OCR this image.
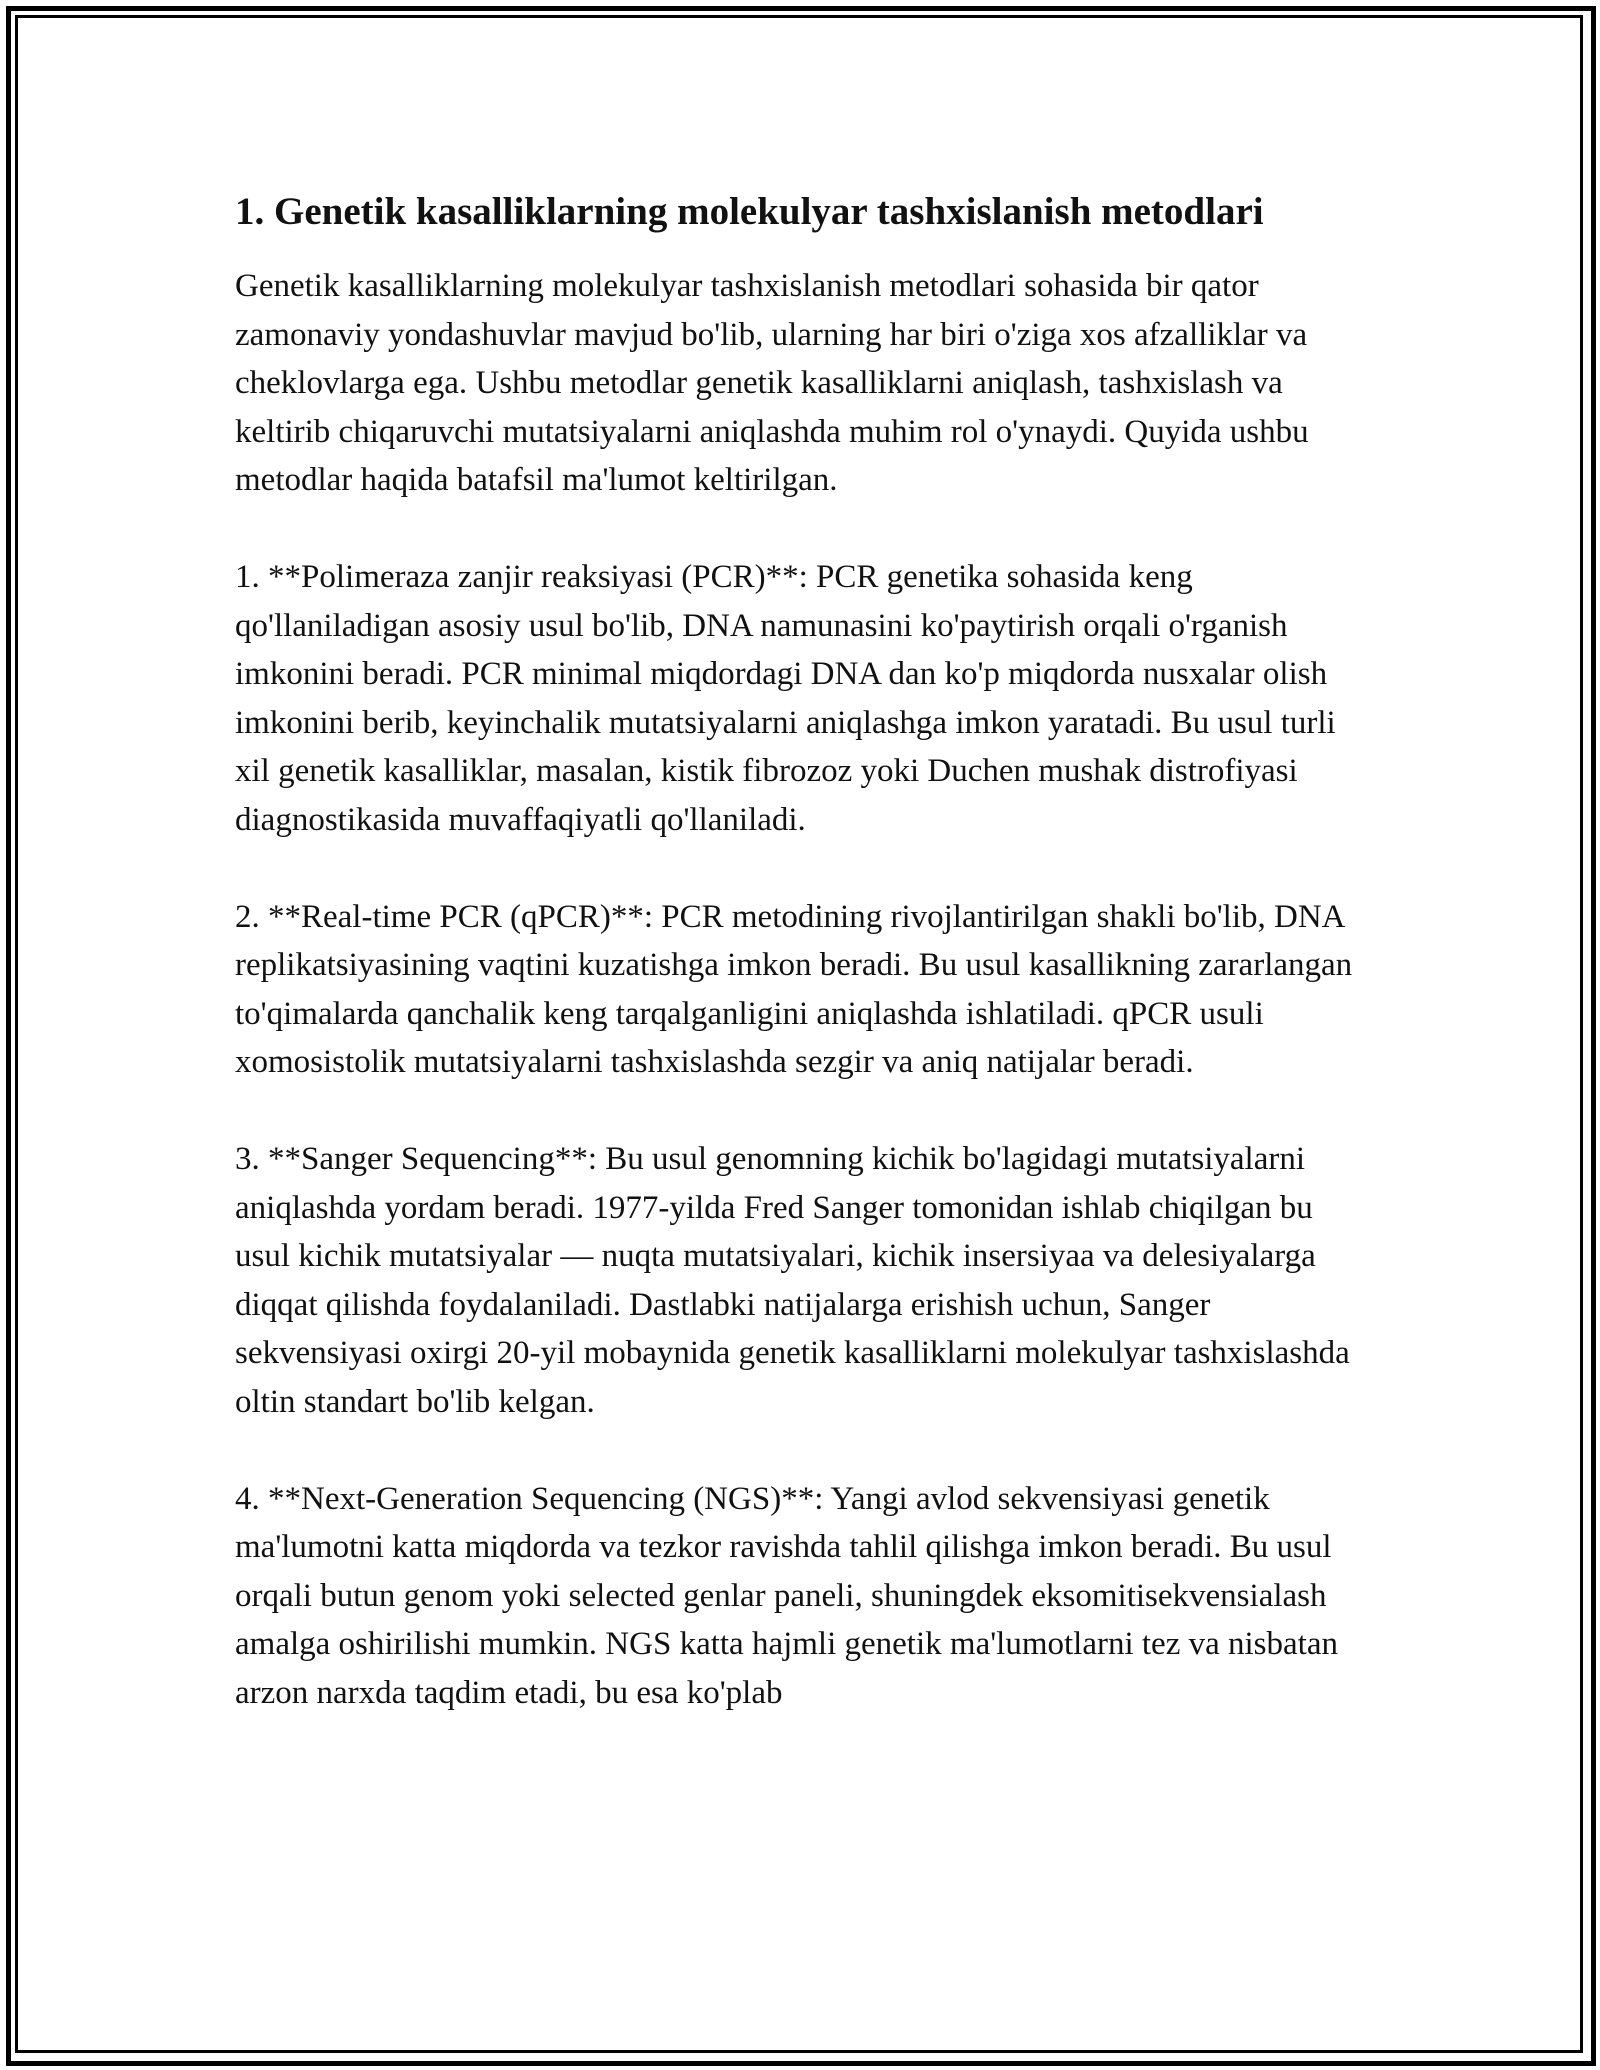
1. Genetik kasalliklarning molekulyar tashxislanish metodlari

Genetik kasalliklarning molekulyar tashxislanish metodlari sohasida bir qator zamonaviy yondashuvlar mavjud bo'lib, ularning har biri o'ziga xos afzalliklar va cheklovlarga ega. Ushbu metodlar genetik kasalliklarni aniqlash, tashxislash va keltirib chiqaruvchi mutatsiyalarni aniqlashda muhim rol o'ynaydi. Quyida ushbu metodlar haqida batafsil ma'lumot keltirilgan.

1. **Polimeraza zanjir reaksiyasi (PCR)**: PCR genetika sohasida keng qo'llaniladigan asosiy usul bo'lib, DNA namunasini ko'paytirish orqali o'rganish imkonini beradi. PCR minimal miqdordagi DNA dan ko'p miqdorda nusxalar olish imkonini berib, keyinchalik mutatsiyalarni aniqlashga imkon yaratadi. Bu usul turli xil genetik kasalliklar, masalan, kistik fibrozoz yoki Duchen mushak distrofiyasi diagnostikasida muvaffaqiyatli qo'llaniladi.

2. **Real-time PCR (qPCR)**: PCR metodining rivojlantirilgan shakli bo'lib, DNA replikatsiyasining vaqtini kuzatishga imkon beradi. Bu usul kasallikning zararlangan to'qimalarda qanchalik keng tarqalganligini aniqlashda ishlatiladi. qPCR usuli xomosistolik mutatsiyalarni tashxislashda sezgir va aniq natijalar beradi.

3. **Sanger Sequencing**: Bu usul genomning kichik bo'lagidagi mutatsiyalarni aniqlashda yordam beradi. 1977-yilda Fred Sanger tomonidan ishlab chiqilgan bu usul kichik mutatsiyalar — nuqta mutatsiyalari, kichik insersiyaa va delesiyalarga diqqat qilishda foydalaniladi. Dastlabki natijalarga erishish uchun, Sanger sekvensiyasi oxirgi 20-yil mobaynida genetik kasalliklarni molekulyar tashxislashda oltin standart bo'lib kelgan.

4. **Next-Generation Sequencing (NGS)**: Yangi avlod sekvensiyasi genetik ma'lumotni katta miqdorda va tezkor ravishda tahlil qilishga imkon beradi. Bu usul orqali butun genom yoki selected genlar paneli, shuningdek eksomitisekvensialash amalga oshirilishi mumkin. NGS katta hajmli genetik ma'lumotlarni tez va nisbatan arzon narxda taqdim etadi, bu esa ko'plab
